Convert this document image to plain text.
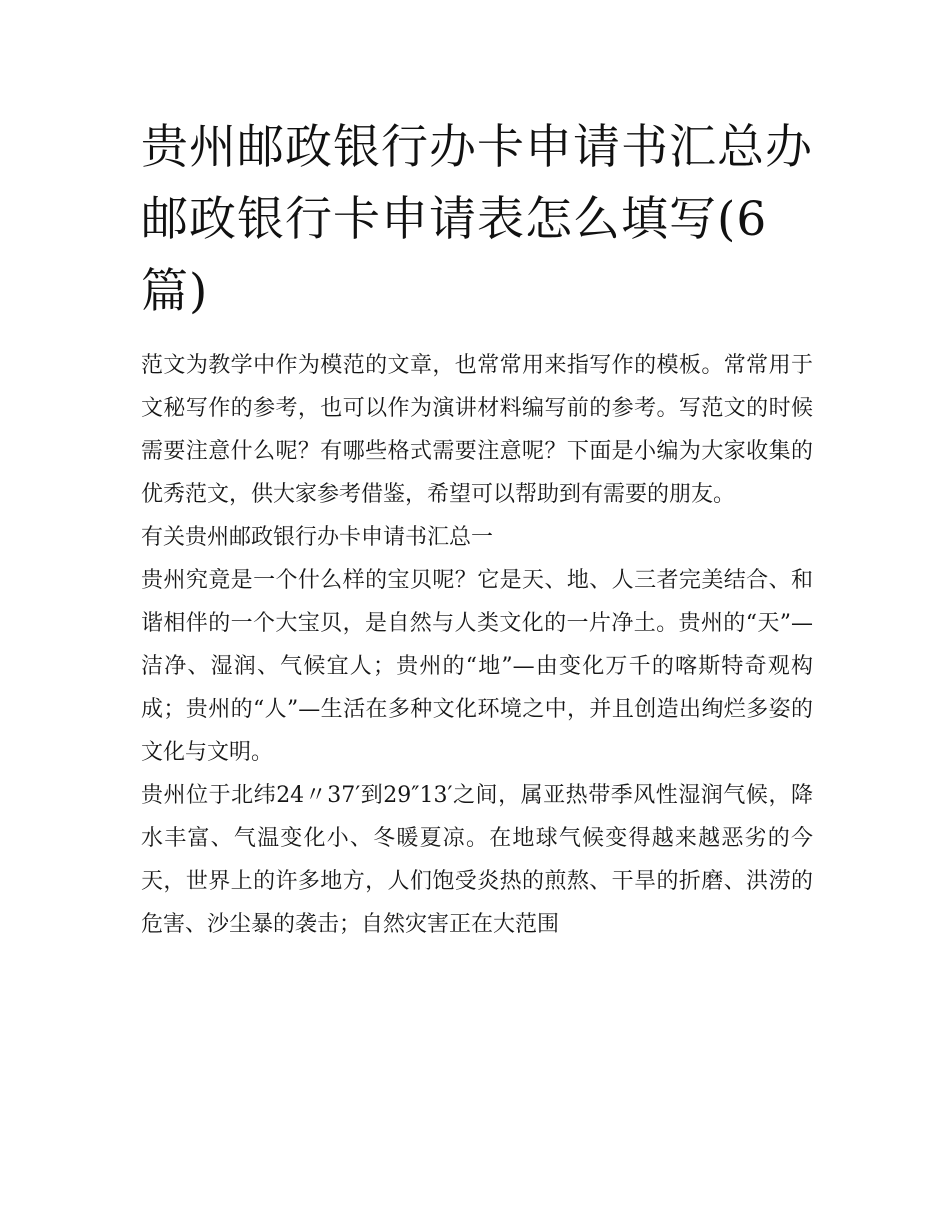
贵州邮政银行办卡申请书汇总办邮政银行卡申请表怎么填写(6篇)

范文为教学中作为模范的文章，也常常用来指写作的模板。常常用于文秘写作的参考，也可以作为演讲材料编写前的参考。写范文的时候需要注意什么呢？有哪些格式需要注意呢？下面是小编为大家收集的优秀范文，供大家参考借鉴，希望可以帮助到有需要的朋友。

有关贵州邮政银行办卡申请书汇总一

贵州究竟是一个什么样的宝贝呢？它是天、地、人三者完美结合、和谐相伴的一个大宝贝，是自然与人类文化的一片净土。贵州的“天”—洁净、湿润、气候宜人；贵州的“地”—由变化万千的喀斯特奇观构成；贵州的“人”—生活在多种文化环境之中，并且创造出绚烂多姿的文化与文明。

贵州位于北纬24〃37′到29″13′之间，属亚热带季风性湿润气候，降水丰富、气温变化小、冬暖夏凉。在地球气候变得越来越恶劣的今天，世界上的许多地方，人们饱受炎热的煎熬、干旱的折磨、洪涝的危害、沙尘暴的袭击；自然灾害正在大范围
